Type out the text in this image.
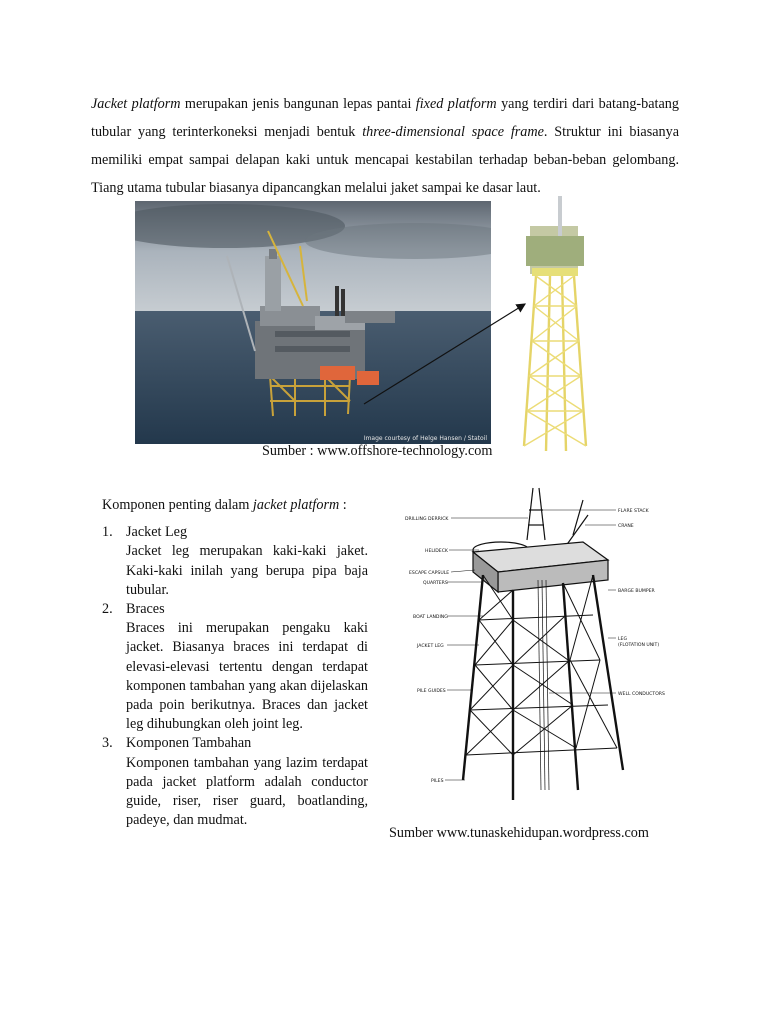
Jacket platform merupakan jenis bangunan lepas pantai fixed platform yang terdiri dari batang-batang tubular yang terinterkoneksi menjadi bentuk three-dimensional space frame. Struktur ini biasanya memiliki empat sampai delapan kaki untuk mencapai kestabilan terhadap beban-beban gelombang. Tiang utama tubular biasanya dipancangkan melalui jaket sampai ke dasar laut.

Image courtesy of Helge Hansen / Statoil
Sumber : www.offshore-technology.com

Komponen penting dalam jacket platform :

1. Jacket Leg
Jacket leg merupakan kaki-kaki jaket. Kaki-kaki inilah yang berupa pipa baja tubular.
2. Braces
Braces ini merupakan pengaku kaki jacket. Biasanya braces ini terdapat di elevasi-elevasi tertentu dengan terdapat komponen tambahan yang akan dijelaskan pada poin berikutnya. Braces dan jacket leg dihubungkan oleh joint leg.
3. Komponen Tambahan
Komponen tambahan yang lazim terdapat pada jacket platform adalah conductor guide, riser, riser guard, boatlanding, padeye, dan mudmat.
DRILLING DERRICK
HELIDECK
ESCAPE CAPSULE
QUARTERS
BOAT LANDING
JACKET LEG
PILE GUIDES
PILES
FLARE STACK
CRANE
BARGE BUMPER
LEG
(FLOTATION UNIT)
WELL CONDUCTORS
Sumber www.tunaskehidupan.wordpress.com
